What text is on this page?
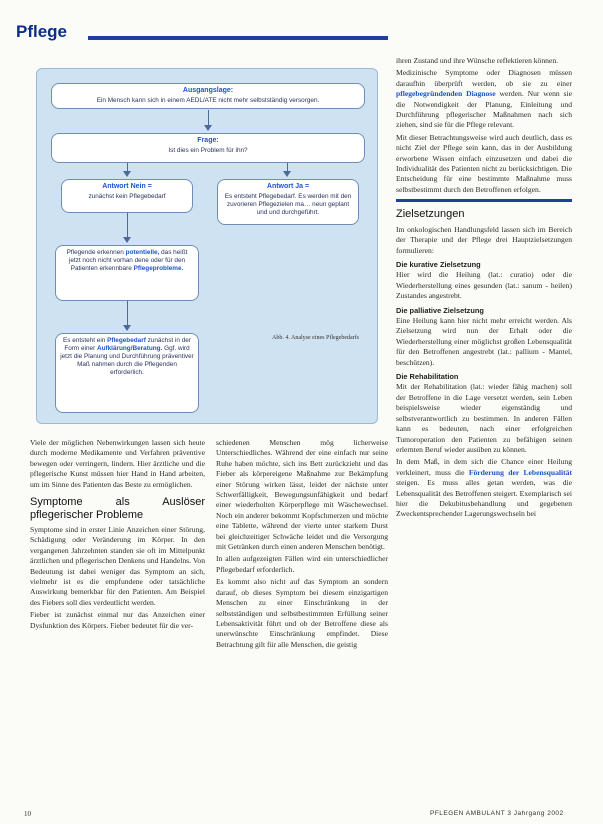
Pflege
Ausgangslage:
Ein Mensch kann sich in einem AEDL/ATE nicht mehr selbstständig versorgen.
Frage:
Ist dies ein Problem für ihn?
Antwort Nein =
zunächst kein Pflegebedarf
Antwort Ja =
Es entsteht Pflegebedarf. Es werden mit den zuvorieren Pflegezielen ma… neun geplant und und durchgeführt.
Pflegende erkennen potentielle, das heißt jetzt noch nicht vorhan dene oder für den Patienten erkennbare Pflegeprobleme.
Es entsteht ein Pflegebedarf zunächst in der Form einer Aufklärung/Beratung. Ggf. wird jetzt die Planung und Durchführung präventiver Maß nahmen durch die Pflegenden erforderlich.
Abb. 4. Analyse eines Pflegebedarfs

Viele der möglichen Nebenwirkungen lassen sich heute durch moderne Medikamente und Verfahren präventive bewegen oder verringern, lindern. Hier ärztliche und die pflegerische Kunst müssen hier Hand in Hand arbeiten, um im Sinne des Patienten das Beste zu ermöglichen.

Symptome als Auslöser pflegerischer Probleme

Symptome sind in erster Linie Anzeichen einer Störung, Schädigung oder Veränderung im Körper. In den vergangenen Jahrzehnten standen sie oft im Mittelpunkt ärztlichen und pflegerischen Denkens und Handelns. Von Bedeutung ist dabei weniger das Symptom an sich, vielmehr ist es die empfundene oder tatsächliche Auswirkung bemerkbar für den Patienten. Am Beispiel des Fiebers soll dies verdeutlicht werden.

Fieber ist zunächst einmal nur das Anzeichen einer Dysfunktion des Körpers. Fieber bedeutet für die ver-

schiedenen Menschen mög licherweise Unterschiedliches. Während der eine einfach nur seine Ruhe haben möchte, sich ins Bett zurückzieht und das Fieber als körpereigene Maßnahme zur Bekämpfung einer Störung wirken lässt, leidet der nächste unter Schwerfälligkeit, Bewegungsunfähigkeit und bedarf einer wiederholten Körperpflege mit Wäschewechsel. Noch ein anderer bekommt Kopfschmerzen und möchte eine Tablette, während der vierte unter starkem Durst bei gleichzeitiger Schwäche leidet und die Versorgung mit Getränken durch einen anderen Menschen benötigt.

In allen aufgezeigten Fällen wird ein unterschiedlicher Pflegebedarf erforderlich.

Es kommt also nicht auf das Symptom an sondern darauf, ob dieses Symptom bei diesem einzigartigen Menschen zu einer Einschränkung in der selbstständigen und selbstbestimmten Erfüllung seiner Lebensaktivität führt und ob der Betroffene diese als unerwünschte Einschränkung empfindet. Diese Betrachtung gilt für alle Menschen, die geistig

ihren Zustand und ihre Wünsche reflektieren können.

Medizinische Symptome oder Diagnosen müssen daraufhin überprüft werden, ob sie zu einer pflegebegründenden Diagnose werden. Nur wenn sie die Notwendigkeit der Planung, Einleitung und Durchführung pflegerischer Maßnahmen nach sich ziehen, sind sie für die Pflege relevant.

Mit dieser Betrachtungsweise wird auch deutlich, dass es nicht Ziel der Pflege sein kann, das in der Ausbildung erworbene Wissen einfach einzusetzen und dabei die Individualität des Patienten nicht zu berücksichtigen. Die Entscheidung für eine bestimmte Maßnahme muss selbstbestimmt durch den Betroffenen erfolgen.

Zielsetzungen

Im onkologischen Handlungsfeld lassen sich im Bereich der Therapie und der Pflege drei Hauptzielsetzungen formulieren:

Die kurative Zielsetzung

Hier wird die Heilung (lat.: curatio) oder die Wiederherstellung eines gesunden (lat.: sanum - heilen) Zustandes angestrebt.

Die palliative Zielsetzung

Eine Heilung kann hier nicht mehr erreicht werden. Als Zielsetzung wird nun der Erhalt oder die Wiederherstellung einer möglichst großen Lebensqualität für den Betroffenen angestrebt (lat.: pallium - Mantel, beschützen).

Die Rehabilitation

Mit der Rehabilitation (lat.: wieder fähig machen) soll der Betroffene in die Lage versetzt werden, sein Leben beispielsweise wieder eigenständig und selbstverantwortlich zu bestimmen. In anderen Fällen kann es bedeuten, nach einer erfolgreichen Tumoroperation den Patienten zu befähigen seinen erlernten Beruf wieder ausüben zu können.

In dem Maß, in dem sich die Chance einer Heilung verkleinert, muss die Förderung der Lebensqualität steigen. Es muss alles getan werden, was die Lebensqualität des Betroffenen steigert. Exemplarisch sei hier die Dekubitusbehandlung und gegebenen Zweckentsprechender Lagerungswechseln bei

10	PFLEGEN AMBULANT 3 Jahrgang 2002
